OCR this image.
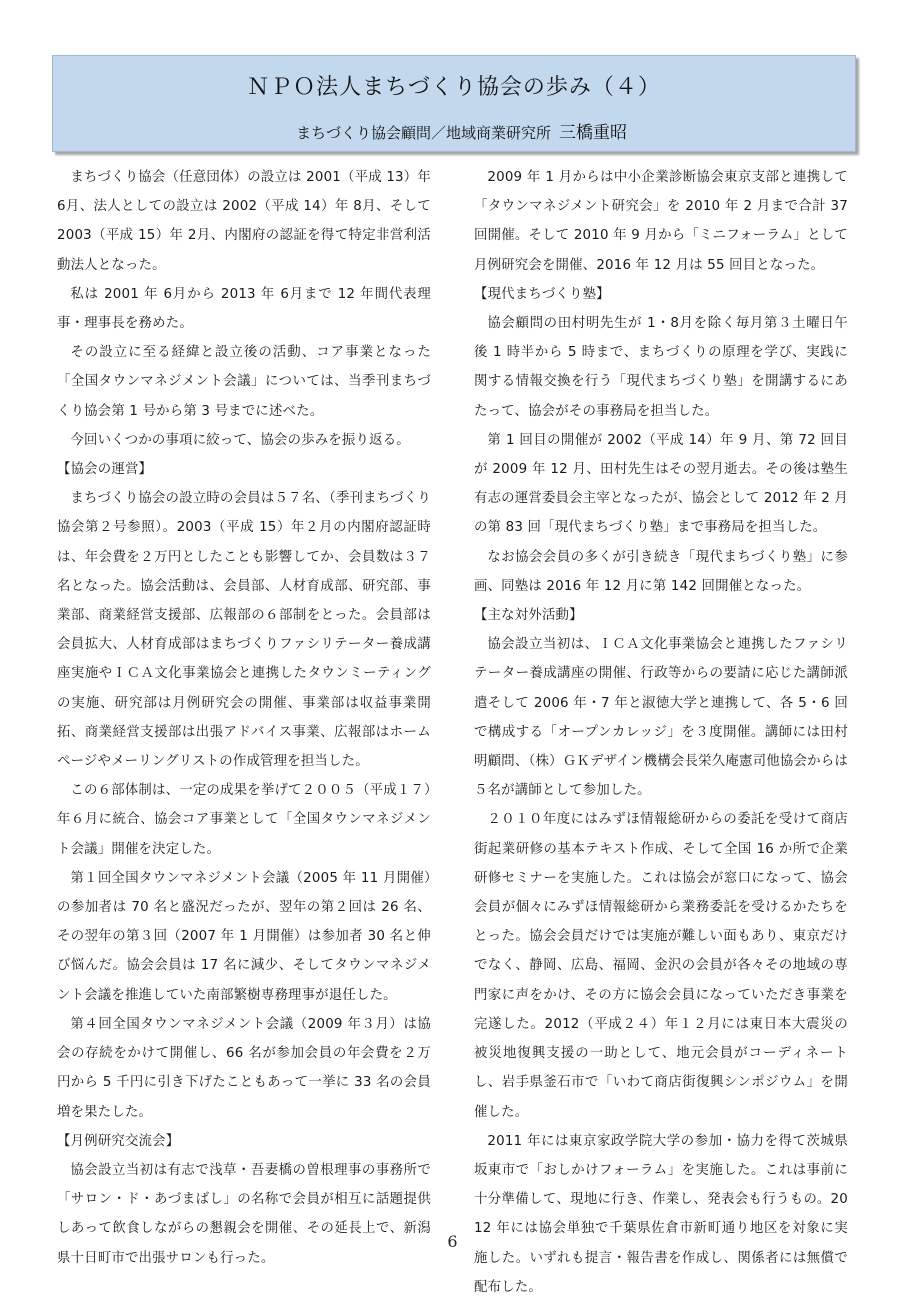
ＮＰＯ法人まちづくり協会の歩み（４）
まちづくり協会顧問／地域商業研究所 三橋重昭

まちづくり協会（任意団体）の設立は 2001（平成 13）年 6月、法人としての設立は 2002（平成 14）年 8月、そして 2003（平成 15）年 2月、内閣府の認証を得て特定非営利活動法人となった。

私は 2001 年 6月から 2013 年 6月まで 12 年間代表理事・理事長を務めた。

その設立に至る経緯と設立後の活動、コア事業となった「全国タウンマネジメント会議」については、当季刊まちづくり協会第 1 号から第 3 号までに述べた。

今回いくつかの事項に絞って、協会の歩みを振り返る。

【協会の運営】

まちづくり協会の設立時の会員は５７名、（季刊まちづくり協会第２号参照）。2003（平成 15）年２月の内閣府認証時は、年会費を２万円としたことも影響してか、会員数は３７名となった。協会活動は、会員部、人材育成部、研究部、事業部、商業経営支援部、広報部の６部制をとった。会員部は会員拡大、人材育成部はまちづくりファシリテーター養成講座実施やＩＣＡ文化事業協会と連携したタウンミーティングの実施、研究部は月例研究会の開催、事業部は収益事業開拓、商業経営支援部は出張アドバイス事業、広報部はホームページやメーリングリストの作成管理を担当した。

この６部体制は、一定の成果を挙げて２００５（平成１７）年６月に統合、協会コア事業として「全国タウンマネジメント会議」開催を決定した。

第１回全国タウンマネジメント会議（2005 年 11 月開催）の参加者は 70 名と盛況だったが、翌年の第２回は 26 名、その翌年の第３回（2007 年 1 月開催）は参加者 30 名と伸び悩んだ。協会会員は 17 名に減少、そしてタウンマネジメント会議を推進していた南部繁樹専務理事が退任した。

第４回全国タウンマネジメント会議（2009 年３月）は協会の存続をかけて開催し、66 名が参加会員の年会費を２万円から 5 千円に引き下げたこともあって一挙に 33 名の会員増を果たした。

【月例研究交流会】

協会設立当初は有志で浅草・吾妻橋の曽根理事の事務所で「サロン・ド・あづまばし」の名称で会員が相互に話題提供しあって飲食しながらの懇親会を開催、その延長上で、新潟県十日町市で出張サロンも行った。

2009 年 1 月からは中小企業診断協会東京支部と連携して「タウンマネジメント研究会」を 2010 年 2 月まで合計 37 回開催。そして 2010 年 9 月から「ミニフォーラム」として月例研究会を開催、2016 年 12 月は 55 回目となった。

【現代まちづくり塾】

協会顧問の田村明先生が 1・8月を除く毎月第３土曜日午後 1 時半から 5 時まで、まちづくりの原理を学び、実践に関する情報交換を行う「現代まちづくり塾」を開講するにあたって、協会がその事務局を担当した。

第 1 回目の開催が 2002（平成 14）年 9 月、第 72 回目が 2009 年 12 月、田村先生はその翌月逝去。その後は塾生有志の運営委員会主宰となったが、協会として 2012 年 2 月の第 83 回「現代まちづくり塾」まで事務局を担当した。

なお協会会員の多くが引き続き「現代まちづくり塾」に参画、同塾は 2016 年 12 月に第 142 回開催となった。

【主な対外活動】

協会設立当初は、ＩＣＡ文化事業協会と連携したファシリテーター養成講座の開催、行政等からの要請に応じた講師派遣そして 2006 年・7 年と淑徳大学と連携して、各 5・6 回で構成する「オープンカレッジ」を３度開催。講師には田村明顧問、（株）ＧＫデザイン機構会長栄久庵憲司他協会からは５名が講師として参加した。

２０１０年度にはみずほ情報総研からの委託を受けて商店街起業研修の基本テキスト作成、そして全国 16 か所で企業研修セミナーを実施した。これは協会が窓口になって、協会会員が個々にみずほ情報総研から業務委託を受けるかたちをとった。協会会員だけでは実施が難しい面もあり、東京だけでなく、静岡、広島、福岡、金沢の会員が各々その地域の専門家に声をかけ、その方に協会会員になっていただき事業を完遂した。2012（平成２４）年１２月には東日本大震災の被災地復興支援の一助として、地元会員がコーディネートし、岩手県釜石市で「いわて商店街復興シンポジウム」を開催した。

2011 年には東京家政学院大学の参加・協力を得て茨城県坂東市で「おしかけフォーラム」を実施した。これは事前に十分準備して、現地に行き、作業し、発表会も行うもの。2012 年には協会単独で千葉県佐倉市新町通り地区を対象に実施した。いずれも提言・報告書を作成し、関係者には無償で配布した。

6
